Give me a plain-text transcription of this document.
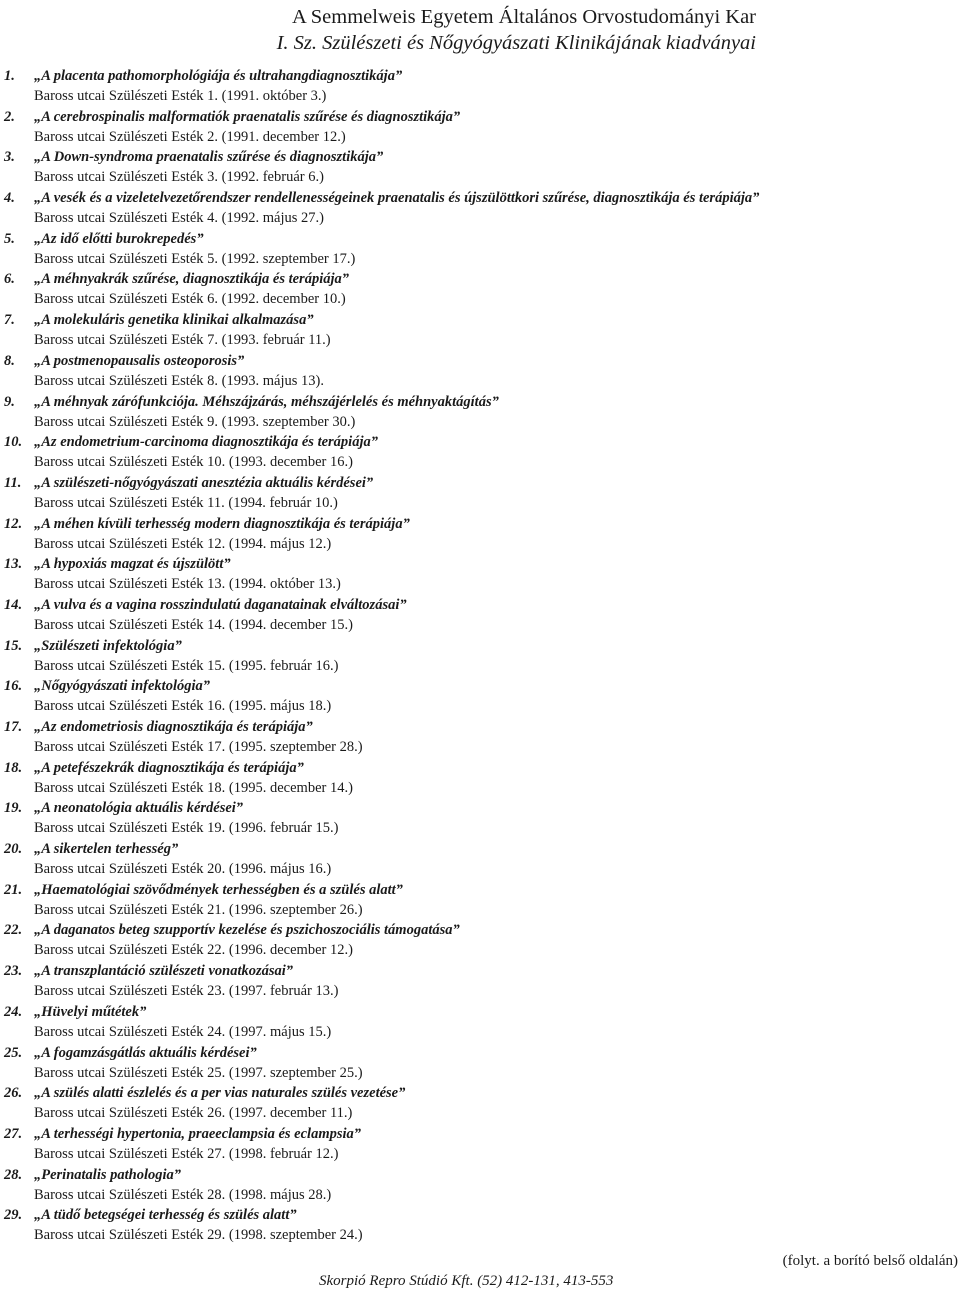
A Semmelweis Egyetem Általános Orvostudományi Kar
I. Sz. Szülészeti és Nőgyógyászati Klinikájának kiadványai
1. „A placenta pathomorphológiája és ultrahangdiagnosztikája”
Baross utcai Szülészeti Esték 1. (1991. október 3.)
2. „A cerebrospinalis malformatiók praenatalis szűrése és diagnosztikája”
Baross utcai Szülészeti Esték 2. (1991. december 12.)
3. „A Down-syndroma praenatalis szűrése és diagnosztikája”
Baross utcai Szülészeti Esték 3. (1992. február 6.)
4. „A vesék és a vizeletelvezetőrendszer rendellenességeinek praenatalis és újszülöttkori szűrése, diagnosztikája és terápiája”
Baross utcai Szülészeti Esték 4. (1992. május 27.)
5. „Az idő előtti burokrepedés”
Baross utcai Szülészeti Esték 5. (1992. szeptember 17.)
6. „A méhnyakrák szűrése, diagnosztikája és terápiája”
Baross utcai Szülészeti Esték 6. (1992. december 10.)
7. „A molekuláris genetika klinikai alkalmazása”
Baross utcai Szülészeti Esték 7. (1993. február 11.)
8. „A postmenopausalis osteoporosis”
Baross utcai Szülészeti Esték 8. (1993. május 13).
9. „A méhnyak zárófunkciója. Méhszájzárás, méhszájérlelés és méhnyaktágítás”
Baross utcai Szülészeti Esték 9. (1993. szeptember 30.)
10. „Az endometrium-carcinoma diagnosztikája és terápiája”
Baross utcai Szülészeti Esték 10. (1993. december 16.)
11. „A szülészeti-nőgyógyászati anesztézia aktuális kérdései”
Baross utcai Szülészeti Esték 11. (1994. február 10.)
12. „A méhen kívüli terhesség modern diagnosztikája és terápiája”
Baross utcai Szülészeti Esték 12. (1994. május 12.)
13. „A hypoxiás magzat és újszülött”
Baross utcai Szülészeti Esték 13. (1994. október 13.)
14. „A vulva és a vagina rosszindulatú daganatainak elváltozásai”
Baross utcai Szülészeti Esték 14. (1994. december 15.)
15. „Szülészeti infektológia”
Baross utcai Szülészeti Esték 15. (1995. február 16.)
16. „Nőgyógyászati infektológia”
Baross utcai Szülészeti Esték 16. (1995. május 18.)
17. „Az endometriosis diagnosztikája és terápiája”
Baross utcai Szülészeti Esték 17. (1995. szeptember 28.)
18. „A petefészekrák diagnosztikája és terápiája”
Baross utcai Szülészeti Esték 18. (1995. december 14.)
19. „A neonatológia aktuális kérdései”
Baross utcai Szülészeti Esték 19. (1996. február 15.)
20. „A sikertelen terhesség”
Baross utcai Szülészeti Esték 20. (1996. május 16.)
21. „Haematológiai szövődmények terhességben és a szülés alatt”
Baross utcai Szülészeti Esték 21. (1996. szeptember 26.)
22. „A daganatos beteg szupportív kezelése és pszichoszociális támogatása”
Baross utcai Szülészeti Esték 22. (1996. december 12.)
23. „A transzplantáció szülészeti vonatkozásai”
Baross utcai Szülészeti Esték 23. (1997. február 13.)
24. „Hüvelyi műtétek”
Baross utcai Szülészeti Esték 24. (1997. május 15.)
25. „A fogamzásgátlás aktuális kérdései”
Baross utcai Szülészeti Esték 25. (1997. szeptember 25.)
26. „A szülés alatti észlelés és a per vias naturales szülés vezetése”
Baross utcai Szülészeti Esték 26. (1997. december 11.)
27. „A terhességi hypertonia, praeeclampsia és eclampsia”
Baross utcai Szülészeti Esték 27. (1998. február 12.)
28. „Perinatalis pathologia”
Baross utcai Szülészeti Esték 28. (1998. május 28.)
29. „A tüdő betegségei terhesség és szülés alatt”
Baross utcai Szülészeti Esték 29. (1998. szeptember 24.)
(folyt. a borító belső oldalán)
Skorpió Repro Stúdió Kft. (52) 412-131, 413-553
